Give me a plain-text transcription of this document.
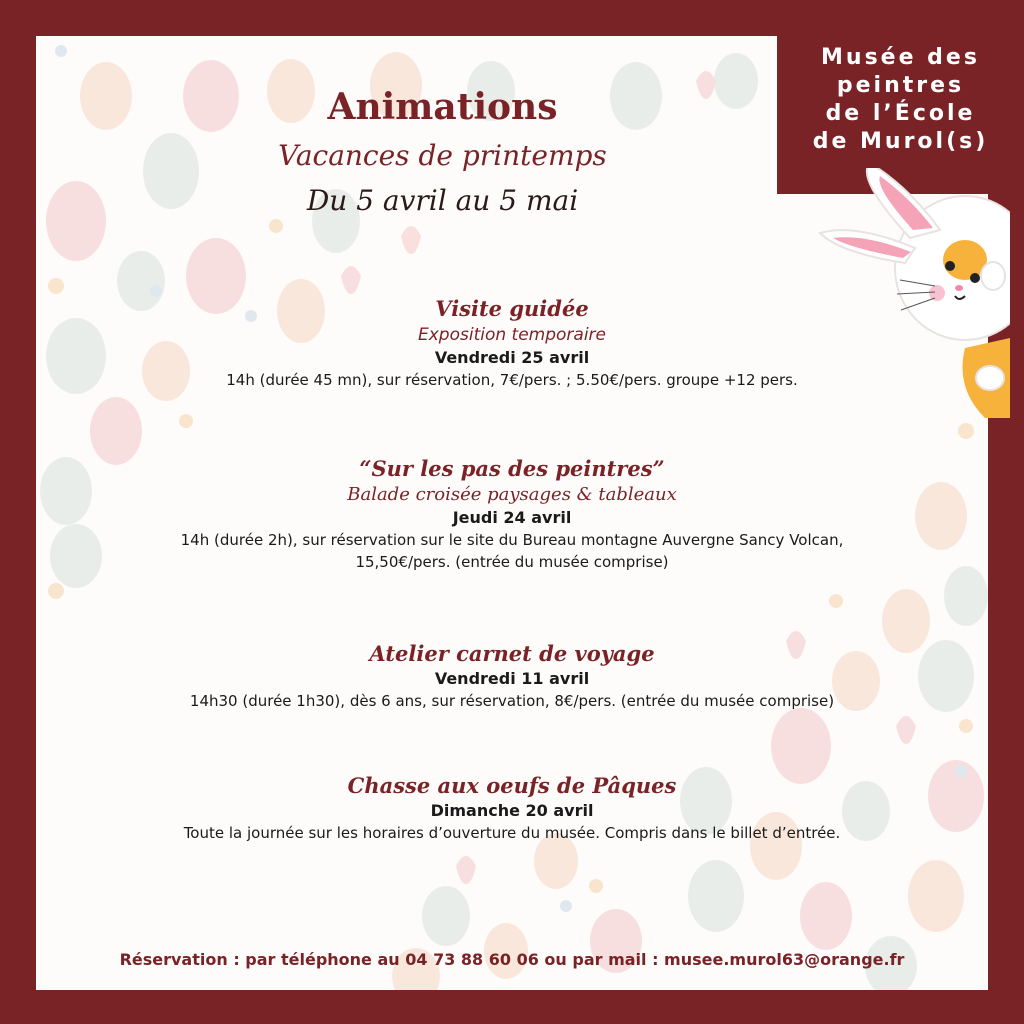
Animations
Vacances de printemps
Du 5 avril au 5 mai
Musée des
peintres
de l’École
de Murol(s)
Visite guidée
Exposition temporaire
Vendredi 25 avril
14h (durée 45 mn), sur réservation, 7€/pers. ; 5.50€/pers. groupe +12 pers.
“Sur les pas des peintres”
Balade croisée paysages & tableaux
Jeudi 24 avril
14h (durée 2h), sur réservation sur le site du Bureau montagne Auvergne Sancy Volcan,
15,50€/pers. (entrée du musée comprise)
Atelier carnet de voyage
Vendredi 11 avril
14h30 (durée 1h30), dès 6 ans, sur réservation, 8€/pers. (entrée du musée comprise)
Chasse aux oeufs de Pâques
Dimanche 20 avril
Toute la journée sur les horaires d’ouverture du musée. Compris dans le billet d’entrée.
Réservation : par téléphone au 04 73 88 60 06 ou par mail : musee.murol63@orange.fr
